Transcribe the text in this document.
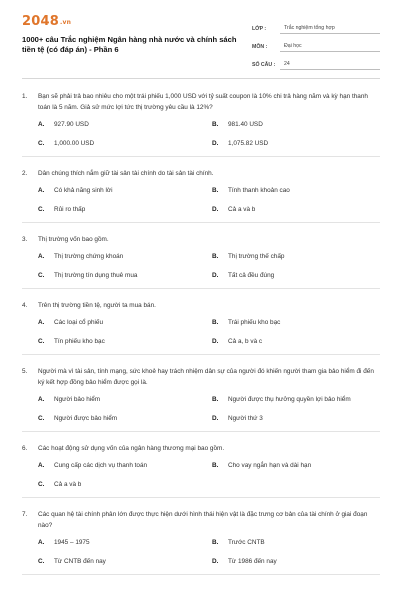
2048.vn
1000+ câu Trắc nghiệm Ngân hàng nhà nước và chính sách tiền tệ (có đáp án) - Phần 6
LỚP :	Trắc nghiệm tổng hợp
MÔN :	Đại học
SỐ CÂU :	24
1.	Bạn sẽ phải trả bao nhiêu cho một trái phiếu 1,000 USD với tỷ suất coupon là 10% chi trả hàng năm và kỳ hạn thanh toán là 5 năm. Giả sử mức lợi tức thị trường yêu cầu là 12%?
A.	927.90 USD	B.	981.40 USD
C.	1,000.00 USD	D.	1,075.82 USD
2.	Dân chúng thích nắm giữ tài sản tài chính do tài sản tài chính.
A.	Có khả năng sinh lời	B.	Tính thanh khoản cao
C.	Rủi ro thấp	D.	Cả a và b
3.	Thị trường vốn bao gồm.
A.	Thị trường chứng khoán	B.	Thị trường thế chấp
C.	Thị trường tín dụng thuê mua	D.	Tất cả đều đúng
4.	Trên thị trường tiền tệ, người ta mua bán.
A.	Các loại cổ phiếu	B.	Trái phiếu kho bạc
C.	Tín phiếu kho bạc	D.	Cả a, b và c
5.	Người mà vì tài sản, tính mạng, sức khoẻ hay trách nhiệm dân sự của người đó khiến người tham gia bảo hiểm đi đến ký kết hợp đồng bảo hiểm được gọi là.
A.	Người bảo hiểm	B.	Người được thụ hưởng quyền lợi bảo hiểm
C.	Người được bảo hiểm	D.	Người thứ 3
6.	Các hoạt động sử dụng vốn của ngân hàng thương mại bao gồm.
A.	Cung cấp các dịch vụ thanh toán	B.	Cho vay ngắn hạn và dài hạn
C.	Cả a và b
7.	Các quan hệ tài chính phân lớn được thực hiện dưới hình thái hiện vật là đặc trưng cơ bản của tài chính ở giai đoạn nào?
A.	1945 – 1975	B.	Trước CNTB
C.	Từ CNTB đến nay	D.	Từ 1986 đến nay
